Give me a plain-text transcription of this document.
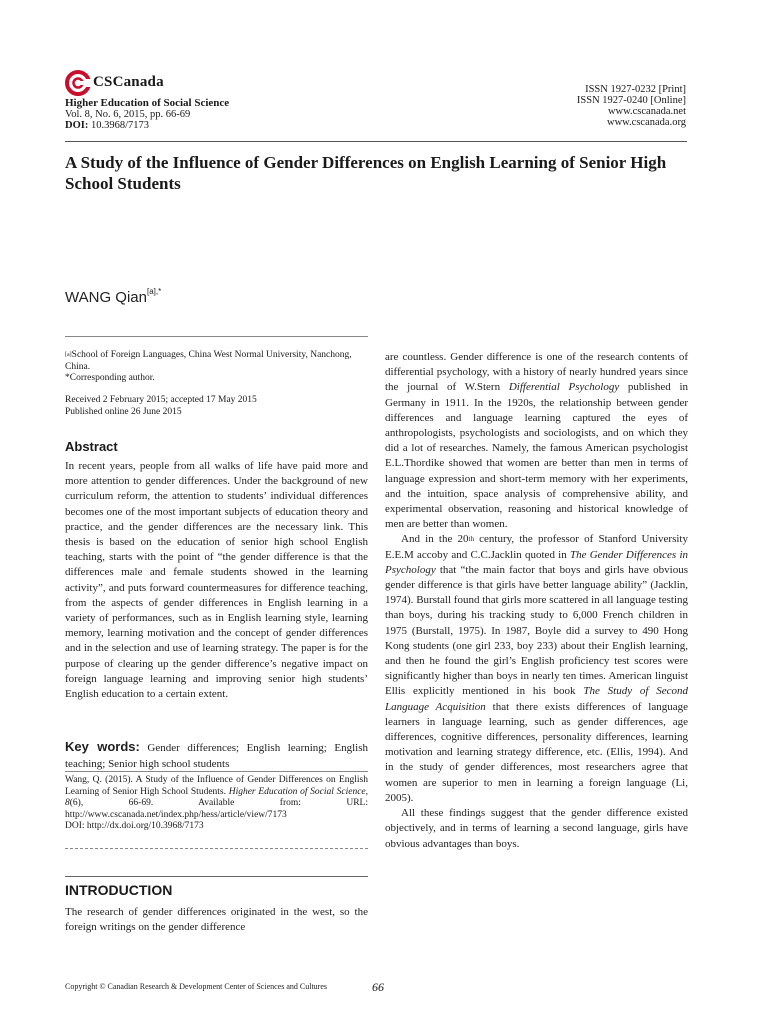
CSCanada
Higher Education of Social Science
Vol. 8, No. 6, 2015, pp. 66-69
DOI: 10.3968/7173
ISSN 1927-0232 [Print]
ISSN 1927-0240 [Online]
www.cscanada.net
www.cscanada.org
A Study of the Influence of Gender Differences on English Learning of Senior High School Students
WANG Qian$^{[a],*}$
[a]School of Foreign Languages, China West Normal University, Nanchong, China.
*Corresponding author.
Received 2 February 2015; accepted 17 May 2015
Published online 26 June 2015
Abstract
In recent years, people from all walks of life have paid more and more attention to gender differences. Under the background of new curriculum reform, the attention to students’ individual differences becomes one of the most important subjects of education theory and practice, and the gender differences are the necessary link. This thesis is based on the education of senior high school English teaching, starts with the point of “the gender difference is that the differences male and female students showed in the learning activity”, and puts forward countermeasures for difference teaching, from the aspects of gender differences in English learning in a variety of performances, such as in English learning style, learning memory, learning motivation and the concept of gender differences and in the selection and use of learning strategy. The paper is for the purpose of clearing up the gender difference’s negative impact on foreign language learning and improving senior high students’ English education to a certain extent.
Key words: Gender differences; English learning; English teaching; Senior high school students
Wang, Q. (2015). A Study of the Influence of Gender Differences on English Learning of Senior High School Students. Higher Education of Social Science, 8(6), 66-69. Available from: URL: http://www.cscanada.net/index.php/hess/article/view/7173
DOI: http://dx.doi.org/10.3968/7173
INTRODUCTION
The research of gender differences originated in the west, so the foreign writings on the gender difference

are countless. Gender difference is one of the research contents of differential psychology, with a history of nearly hundred years since the journal of W.Stern Differential Psychology published in Germany in 1911. In the 1920s, the relationship between gender differences and language learning captured the eyes of anthropologists, psychologists and sociologists, and on which they did a lot of researches. Namely, the famous American psychologist E.L.Thordike showed that women are better than men in terms of language expression and short-term memory with her experiments, and the intuition, space analysis of comprehensive ability, and experimental observation, reasoning and historical knowledge of men are better than women.

And in the 20th century, the professor of Stanford University E.E.M accoby and C.C.Jacklin quoted in The Gender Differences in Psychology that “the main factor that boys and girls have obvious gender difference is that girls have better language ability” (Jacklin, 1974). Burstall found that girls more scattered in all language testing than boys, during his tracking study to 6,000 French children in 1975 (Burstall, 1975). In 1987, Boyle did a survey to 490 Hong Kong students (one girl 233, boy 233) about their English learning, and then he found the girl’s English proficiency test scores were significantly higher than boys in nearly ten times. American linguist Ellis explicitly mentioned in his book The Study of Second Language Acquisition that there exists differences of language learners in language learning, such as gender differences, age differences, cognitive differences, personality differences, learning motivation and learning strategy difference, etc. (Ellis, 1994). And in the study of gender differences, most researchers agree that women are superior to men in learning a foreign language (Li, 2005).

All these findings suggest that the gender difference existed objectively, and in terms of learning a second language, girls have obvious advantages than boys.

Copyright © Canadian Research & Development Center of Sciences and Cultures	66
